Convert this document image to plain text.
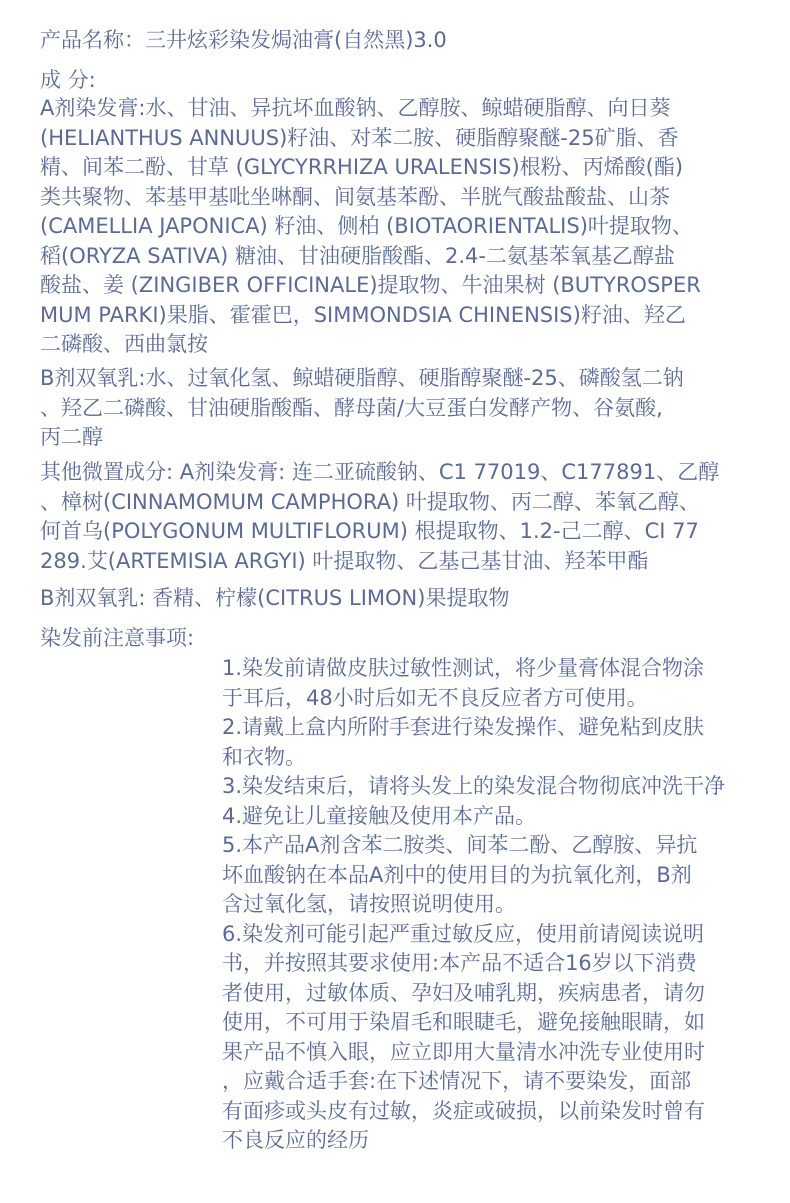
产品名称：三井炫彩染发焗油膏(自然黑)3.0
成 分:
A剂染发膏:水、甘油、异抗坏血酸钠、乙醇胺、鲸蜡硬脂醇、向日葵
(HELIANTHUS ANNUUS)籽油、对苯二胺、硬脂醇聚醚-25矿脂、香
精、间苯二酚、甘草 (GLYCYRRHIZA URALENSIS)根粉、丙烯酸(酯)
类共聚物、苯基甲基吡坐啉酮、间氨基苯酚、半胱气酸盐酸盐、山茶
(CAMELLIA JAPONICA) 籽油、侧柏 (BIOTAORIENTALIS)叶提取物、
稻(ORYZA SATIVA) 糖油、甘油硬脂酸酯、2.4-二氨基苯氧基乙醇盐
酸盐、姜 (ZINGIBER OFFICINALE)提取物、牛油果树 (BUTYROSPER
MUM PARKI)果脂、霍霍巴，SIMMONDSIA CHINENSIS)籽油、羟乙
二磷酸、西曲氯按
B剂双氧乳:水、过氧化氢、鲸蜡硬脂醇、硬脂醇聚醚-25、磷酸氢二钠
、羟乙二磷酸、甘油硬脂酸酯、酵母菌/大豆蛋白发酵产物、谷氨酸,
丙二醇
其他微置成分: A剂染发膏: 连二亚硫酸钠、C1 77019、C177891、乙醇
、樟树(CINNAMOMUM CAMPHORA) 叶提取物、丙二醇、苯氧乙醇、
何首乌(POLYGONUM MULTIFLORUM) 根提取物、1.2-己二醇、CI 77
289.艾(ARTEMISIA ARGYI) 叶提取物、乙基己基甘油、羟苯甲酯
B剂双氧乳: 香精、柠檬(CITRUS LIMON)果提取物
染发前注意事项:
1.染发前请做皮肤过敏性测试，将少量膏体混合物涂
于耳后，48小时后如无不良反应者方可使用。
2.请戴上盒内所附手套进行染发操作、避免粘到皮肤
和衣物。
3.染发结束后，请将头发上的染发混合物彻底冲洗干净
4.避免让儿童接触及使用本产品。
5.本产品A剂含苯二胺类、间苯二酚、乙醇胺、异抗
坏血酸钠在本品A剂中的使用目的为抗氧化剂，B剂
含过氧化氢，请按照说明使用。
6.染发剂可能引起严重过敏反应，使用前请阅读说明
书，并按照其要求使用:本产品不适合16岁以下消费
者使用，过敏体质、孕妇及哺乳期，疾病患者，请勿
使用，不可用于染眉毛和眼睫毛，避免接触眼睛，如
果产品不慎入眼，应立即用大量清水冲洗专业使用时
，应戴合适手套:在下述情况下，请不要染发，面部
有面疹或头皮有过敏，炎症或破损，以前染发时曾有
不良反应的经历
